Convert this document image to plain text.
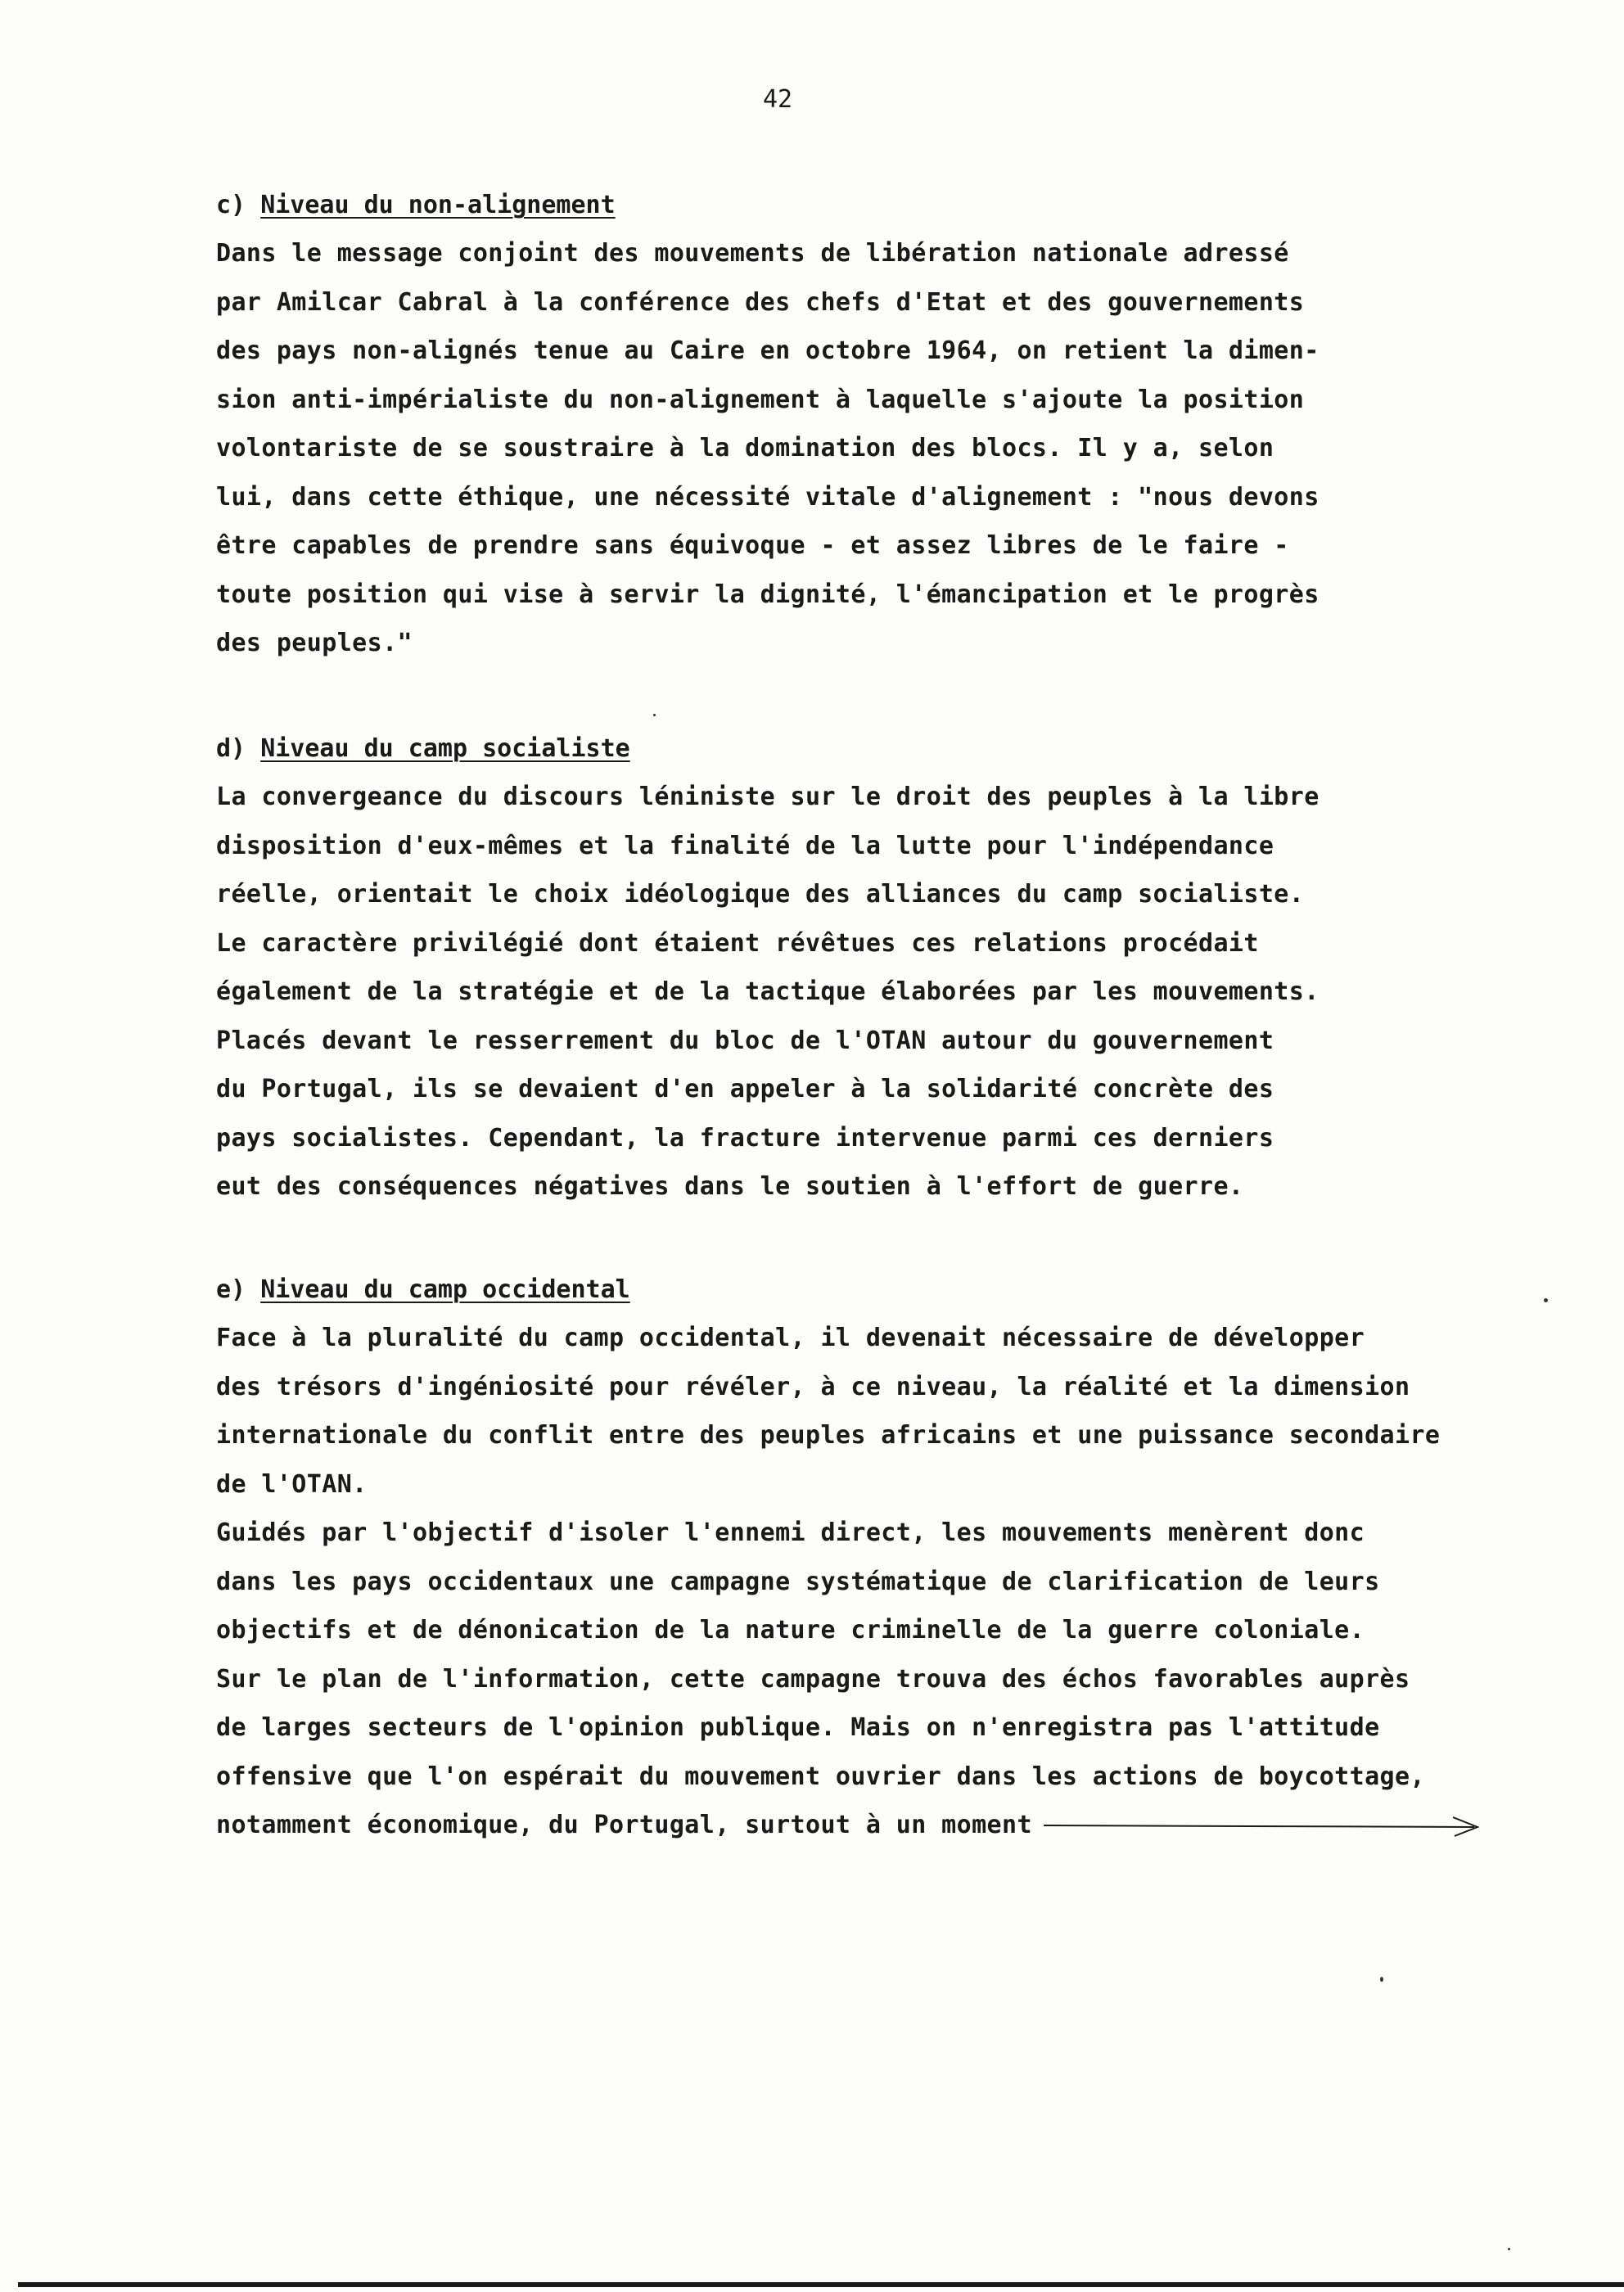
42
c) Niveau du non-alignement
Dans le message conjoint des mouvements de libération nationale adressé
par Amilcar Cabral à la conférence des chefs d'Etat et des gouvernements
des pays non-alignés tenue au Caire en octobre 1964, on retient la dimen-
sion anti-impérialiste du non-alignement à laquelle s'ajoute la position
volontariste de se soustraire à la domination des blocs. Il y a, selon
lui, dans cette éthique, une nécessité vitale d'alignement : "nous devons
être capables de prendre sans équivoque - et assez libres de le faire -
toute position qui vise à servir la dignité, l'émancipation et le progrès
des peuples."
d) Niveau du camp socialiste
La convergeance du discours léniniste sur le droit des peuples à la libre
disposition d'eux-mêmes et la finalité de la lutte pour l'indépendance
réelle, orientait le choix idéologique des alliances du camp socialiste.
Le caractère privilégié dont étaient révêtues ces relations procédait
également de la stratégie et de la tactique élaborées par les mouvements.
Placés devant le resserrement du bloc de l'OTAN autour du gouvernement
du Portugal, ils se devaient d'en appeler à la solidarité concrète des
pays socialistes. Cependant, la fracture intervenue parmi ces derniers
eut des conséquences négatives dans le soutien à l'effort de guerre.
e) Niveau du camp occidental
Face à la pluralité du camp occidental, il devenait nécessaire de développer
des trésors d'ingéniosité pour révéler, à ce niveau, la réalité et la dimension
internationale du conflit entre des peuples africains et une puissance secondaire
de l'OTAN.
Guidés par l'objectif d'isoler l'ennemi direct, les mouvements menèrent donc
dans les pays occidentaux une campagne systématique de clarification de leurs
objectifs et de dénonication de la nature criminelle de la guerre coloniale.
Sur le plan de l'information, cette campagne trouva des échos favorables auprès
de larges secteurs de l'opinion publique. Mais on n'enregistra pas l'attitude
offensive que l'on espérait du mouvement ouvrier dans les actions de boycottage,
notamment économique, du Portugal, surtout à un moment
